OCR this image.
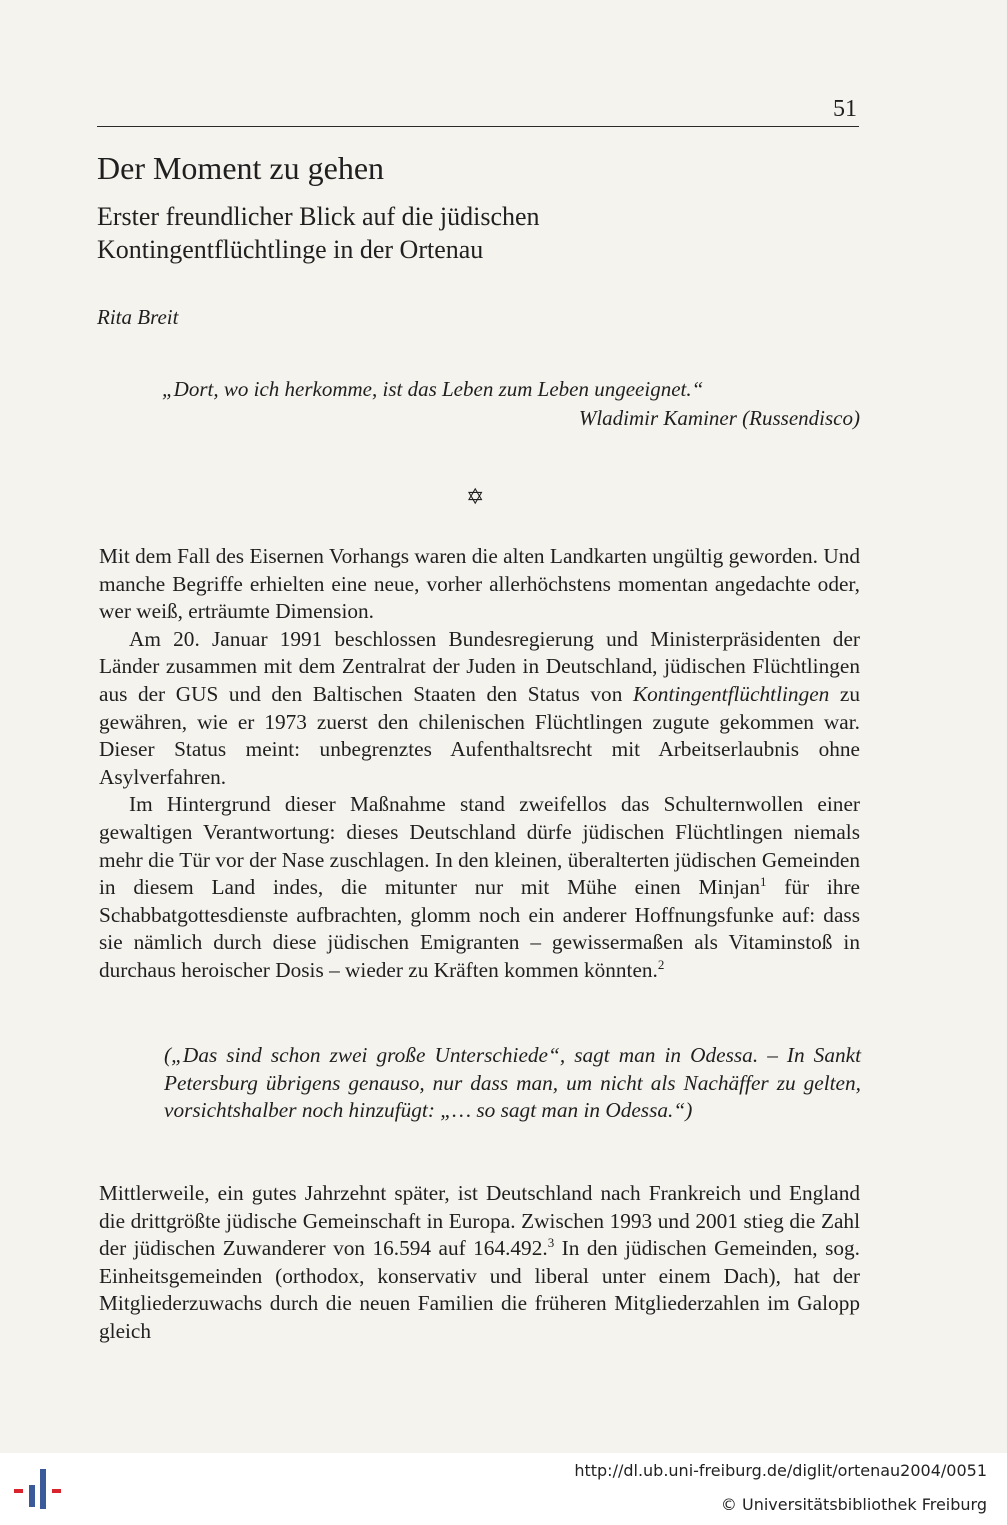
51
Der Moment zu gehen
Erster freundlicher Blick auf die jüdischen
Kontingentflüchtlinge in der Ortenau
Rita Breit
„Dort, wo ich herkomme, ist das Leben zum Leben ungeeignet.“
Wladimir Kaminer (Russendisco)
✡

Mit dem Fall des Eisernen Vorhangs waren die alten Landkarten ungültig geworden. Und manche Begriffe erhielten eine neue, vorher allerhöchstens momentan angedachte oder, wer weiß, erträumte Dimension.

Am 20. Januar 1991 beschlossen Bundesregierung und Ministerpräsidenten der Länder zusammen mit dem Zentralrat der Juden in Deutschland, jüdischen Flüchtlingen aus der GUS und den Baltischen Staaten den Status von Kontingentflüchtlingen zu gewähren, wie er 1973 zuerst den chilenischen Flüchtlingen zugute gekommen war. Dieser Status meint: unbegrenztes Aufenthaltsrecht mit Arbeitserlaubnis ohne Asylverfahren.

Im Hintergrund dieser Maßnahme stand zweifellos das Schulternwollen einer gewaltigen Verantwortung: dieses Deutschland dürfe jüdischen Flüchtlingen niemals mehr die Tür vor der Nase zuschlagen. In den kleinen, überalterten jüdischen Gemeinden in diesem Land indes, die mitunter nur mit Mühe einen Minjan$^1$ für ihre Schabbatgottesdienste aufbrachten, glomm noch ein anderer Hoffnungsfunke auf: dass sie nämlich durch diese jüdischen Emigranten – gewissermaßen als Vitaminstoß in durchaus heroischer Dosis – wieder zu Kräften kommen könnten.$^2$

(„Das sind schon zwei große Unterschiede“, sagt man in Odessa. – In Sankt Petersburg übrigens genauso, nur dass man, um nicht als Nachäffer zu gelten, vorsichtshalber noch hinzufügt: „… so sagt man in Odessa.“)

Mittlerweile, ein gutes Jahrzehnt später, ist Deutschland nach Frankreich und England die drittgrößte jüdische Gemeinschaft in Europa. Zwischen 1993 und 2001 stieg die Zahl der jüdischen Zuwanderer von 16.594 auf 164.492.$^3$ In den jüdischen Gemeinden, sog. Einheitsgemeinden (orthodox, konservativ und liberal unter einem Dach), hat der Mitgliederzuwachs durch die neuen Familien die früheren Mitgliederzahlen im Galopp gleich

http://dl.ub.uni-freiburg.de/diglit/ortenau2004/0051
© Universitätsbibliothek Freiburg
